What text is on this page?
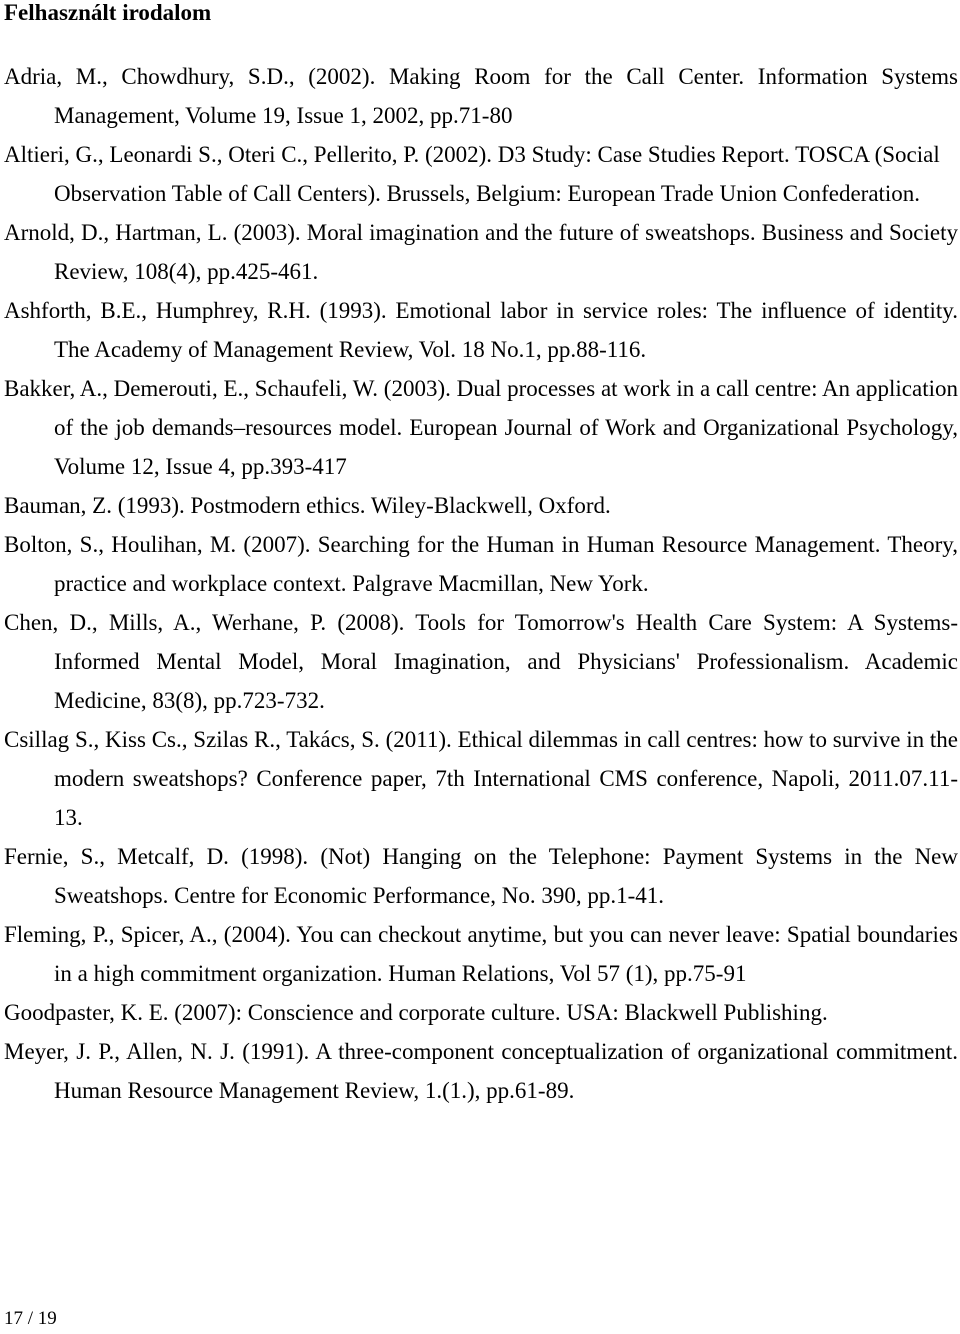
Felhasznált irodalom
Adria, M., Chowdhury, S.D., (2002). Making Room for the Call Center. Information Systems Management, Volume 19, Issue 1, 2002, pp.71-80
Altieri, G., Leonardi S., Oteri C., Pellerito, P. (2002). D3 Study: Case Studies Report. TOSCA (Social Observation Table of Call Centers). Brussels, Belgium: European Trade Union Confederation.
Arnold, D., Hartman, L. (2003). Moral imagination and the future of sweatshops. Business and Society Review, 108(4), pp.425-461.
Ashforth, B.E., Humphrey, R.H. (1993). Emotional labor in service roles: The influence of identity. The Academy of Management Review, Vol. 18 No.1, pp.88-116.
Bakker, A., Demerouti, E., Schaufeli, W. (2003). Dual processes at work in a call centre: An application of the job demands–resources model. European Journal of Work and Organizational Psychology, Volume 12, Issue 4, pp.393-417
Bauman, Z. (1993). Postmodern ethics. Wiley-Blackwell, Oxford.
Bolton, S., Houlihan, M. (2007). Searching for the Human in Human Resource Management. Theory, practice and workplace context. Palgrave Macmillan, New York.
Chen, D., Mills, A., Werhane, P. (2008). Tools for Tomorrow's Health Care System: A Systems-Informed Mental Model, Moral Imagination, and Physicians' Professionalism. Academic Medicine, 83(8), pp.723-732.
Csillag S., Kiss Cs., Szilas R., Takács, S. (2011). Ethical dilemmas in call centres: how to survive in the modern sweatshops? Conference paper, 7th International CMS conference, Napoli, 2011.07.11-13.
Fernie, S., Metcalf, D. (1998). (Not) Hanging on the Telephone: Payment Systems in the New Sweatshops. Centre for Economic Performance, No. 390, pp.1-41.
Fleming, P., Spicer, A., (2004). You can checkout anytime, but you can never leave: Spatial boundaries in a high commitment organization. Human Relations, Vol 57 (1), pp.75-91
Goodpaster, K. E. (2007): Conscience and corporate culture. USA: Blackwell Publishing.
Meyer, J. P., Allen, N. J. (1991). A three-component conceptualization of organizational commitment. Human Resource Management Review, 1.(1.), pp.61-89.
17 / 19
